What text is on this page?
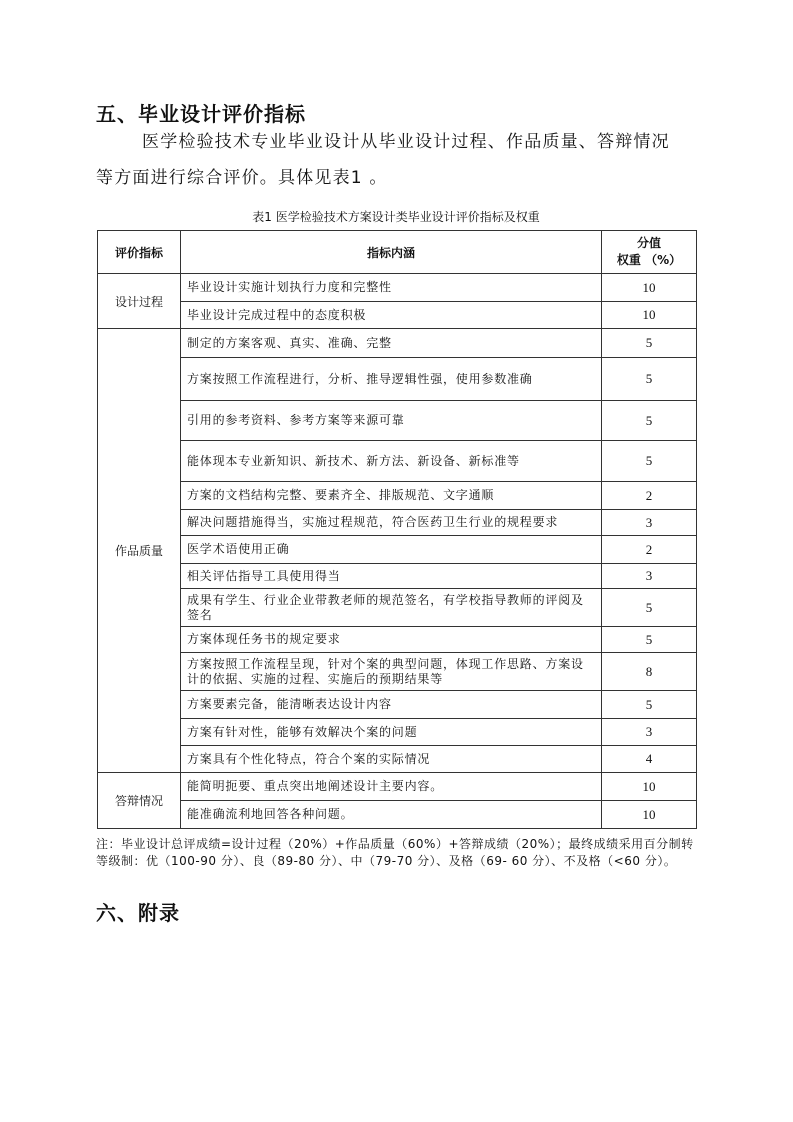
五、毕业设计评价指标
医学检验技术专业毕业设计从毕业设计过程、作品质量、答辩情况
等方面进行综合评价。具体见表1 。
表1 医学检验技术方案设计类毕业设计评价指标及权重
评价指标	指标内涵	分值
权重 （%）

设计过程	毕业设计实施计划执行力度和完整性	10
	毕业设计完成过程中的态度积极	10
作品质量	制定的方案客观、真实、准确、完整	5
	方案按照工作流程进行，分析、推导逻辑性强，使用参数准确	5
	引用的参考资料、参考方案等来源可靠	5
	能体现本专业新知识、新技术、新方法、新设备、新标准等	5
	方案的文档结构完整、要素齐全、排版规范、文字通顺	2
	解决问题措施得当，实施过程规范，符合医药卫生行业的规程要求	3
	医学术语使用正确	2
	相关评估指导工具使用得当	3
	成果有学生、行业企业带教老师的规范签名，有学校指导教师的评阅及签名	5
	方案体现任务书的规定要求	5
	方案按照工作流程呈现，针对个案的典型问题，体现工作思路、方案设计的依据、实施的过程、实施后的预期结果等	8
	方案要素完备，能清晰表达设计内容	5
	方案有针对性，能够有效解决个案的问题	3
	方案具有个性化特点，符合个案的实际情况	4
答辩情况	能简明扼要、重点突出地阐述设计主要内容。	10
	能准确流利地回答各种问题。	10
注：毕业设计总评成绩=设计过程（20%）+作品质量（60%）+答辩成绩（20%）；最终成绩采用百分制转等级制：优（100-90 分）、良（89-80 分）、中（79-70 分）、及格（69- 60 分）、不及格（<60 分）。
六、附录
